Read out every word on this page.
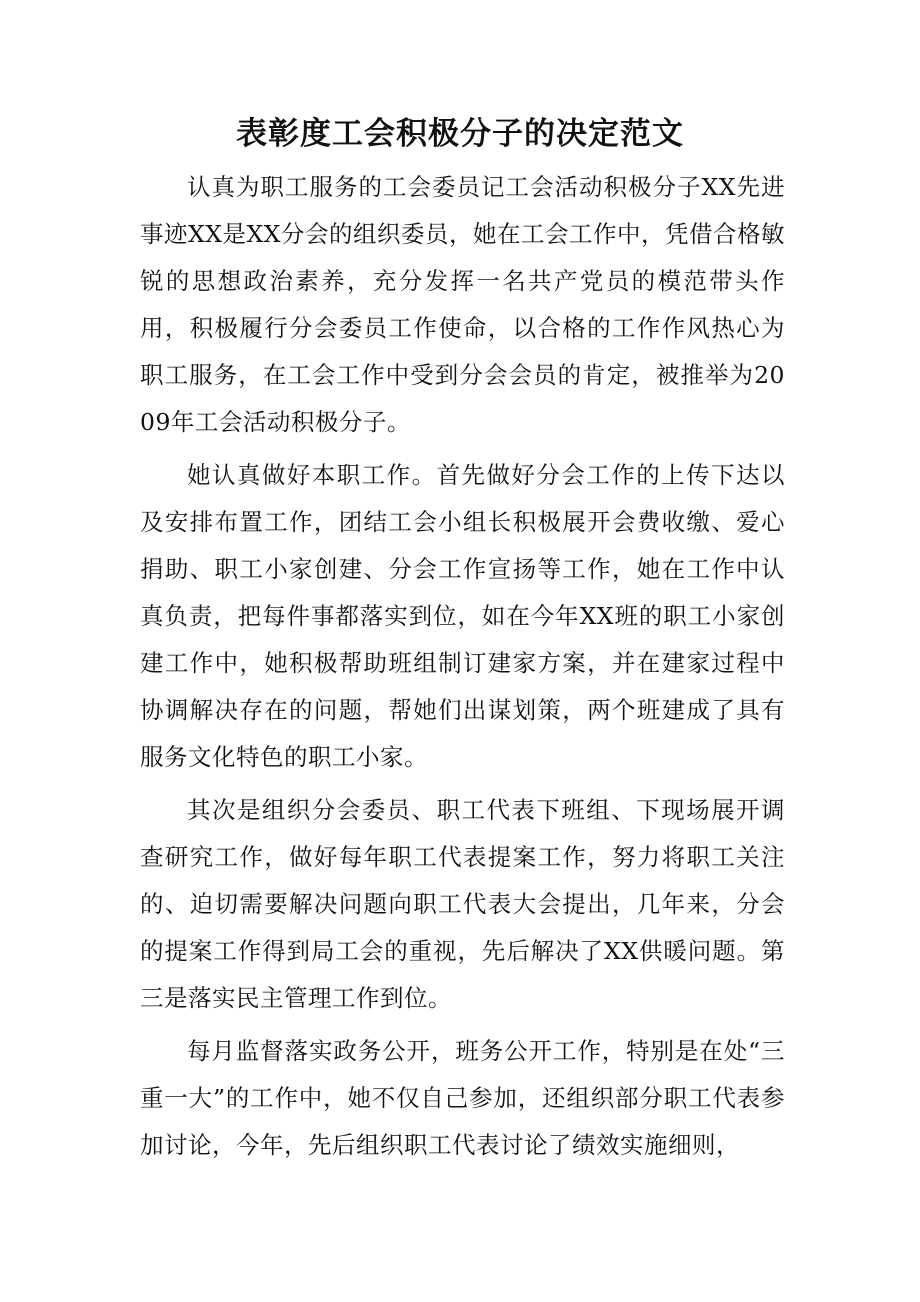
表彰度工会积极分子的决定范文

认真为职工服务的工会委员记工会活动积极分子XX先进事迹XX是XX分会的组织委员，她在工会工作中，凭借合格敏锐的思想政治素养，充分发挥一名共产党员的模范带头作用，积极履行分会委员工作使命，以合格的工作作风热心为职工服务，在工会工作中受到分会会员的肯定，被推举为2009年工会活动积极分子。

她认真做好本职工作。首先做好分会工作的上传下达以及安排布置工作，团结工会小组长积极展开会费收缴、爱心捐助、职工小家创建、分会工作宣扬等工作，她在工作中认真负责，把每件事都落实到位，如在今年XX班的职工小家创建工作中，她积极帮助班组制订建家方案，并在建家过程中协调解决存在的问题，帮她们出谋划策，两个班建成了具有服务文化特色的职工小家。

其次是组织分会委员、职工代表下班组、下现场展开调查研究工作，做好每年职工代表提案工作，努力将职工关注的、迫切需要解决问题向职工代表大会提出，几年来，分会的提案工作得到局工会的重视，先后解决了XX供暖问题。第三是落实民主管理工作到位。

每月监督落实政务公开，班务公开工作，特别是在处“三重一大”的工作中，她不仅自己参加，还组织部分职工代表参加讨论，今年，先后组织职工代表讨论了绩效实施细则，
